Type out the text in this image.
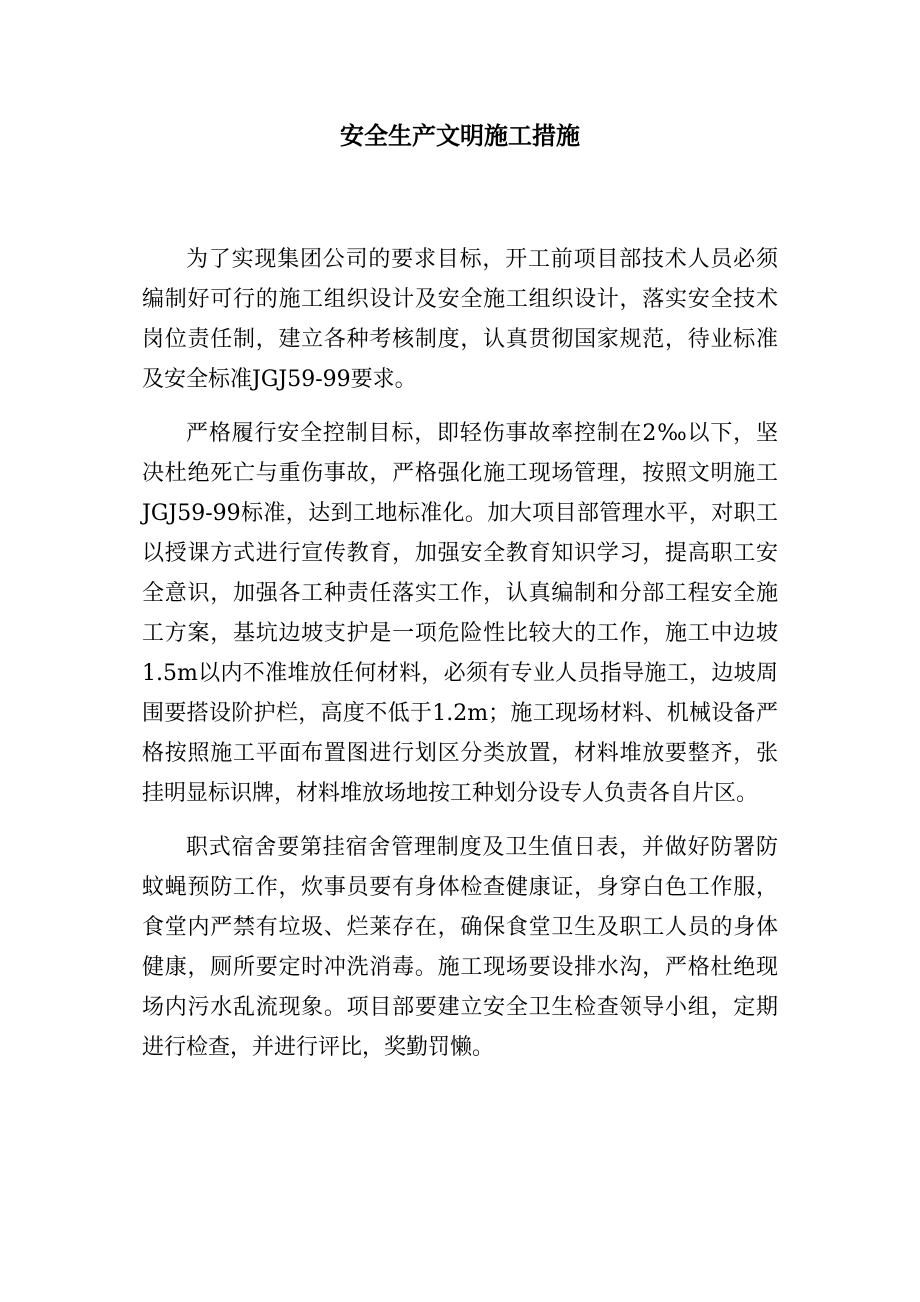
安全生产文明施工措施

为了实现集团公司的要求目标，开工前项目部技术人员必须编制好可行的施工组织设计及安全施工组织设计，落实安全技术岗位责任制，建立各种考核制度，认真贯彻国家规范，待业标准及安全标准JGJ59-99要求。

严格履行安全控制目标，即轻伤事故率控制在2‰以下，坚决杜绝死亡与重伤事故，严格强化施工现场管理，按照文明施工JGJ59-99标准，达到工地标准化。加大项目部管理水平，对职工以授课方式进行宣传教育，加强安全教育知识学习，提高职工安全意识，加强各工种责任落实工作，认真编制和分部工程安全施工方案，基坑边坡支护是一项危险性比较大的工作，施工中边坡1.5m以内不准堆放任何材料，必须有专业人员指导施工，边坡周围要搭设阶护栏，高度不低于1.2m；施工现场材料、机械设备严格按照施工平面布置图进行划区分类放置，材料堆放要整齐，张挂明显标识牌，材料堆放场地按工种划分设专人负责各自片区。

职式宿舍要第挂宿舍管理制度及卫生值日表，并做好防署防蚊蝇预防工作，炊事员要有身体检查健康证，身穿白色工作服，食堂内严禁有垃圾、烂莱存在，确保食堂卫生及职工人员的身体健康，厕所要定时冲洗消毒。施工现场要设排水沟，严格杜绝现场内污水乱流现象。项目部要建立安全卫生检查领导小组，定期进行检查，并进行评比，奖勤罚懒。
